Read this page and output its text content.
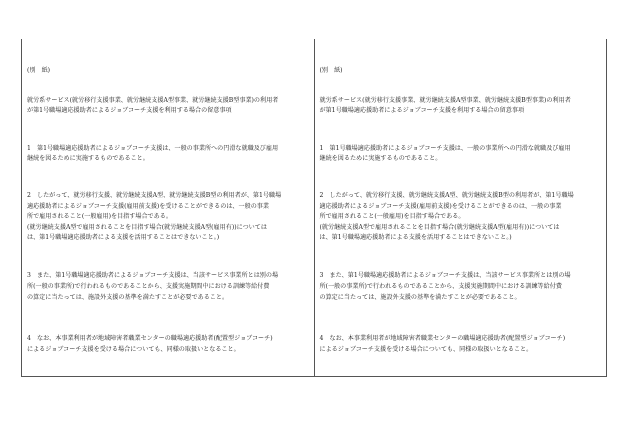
(別　紙)
就労系サービス(就労移行支援事業、就労継続支援A型事業、就労継続支援B型事業)の利用者
が第1号職場適応援助者によるジョブコーチ支援を利用する場合の留意事項
1　第1号職場適応援助者によるジョブコーチ支援は、一般の事業所への円滑な就職及び雇用
継続を図るために実施するものであること。
2　したがって、就労移行支援、就労継続支援A型、就労継続支援B型の利用者が、第1号職場
適応援助者によるジョブコーチ支援(雇用前支援)を受けることができるのは、一般の事業
所で雇用されること(一般雇用)を目指す場合である。
(就労継続支援A型で雇用されることを目指す場合(就労継続支援A型(雇用有))については
は、第1号職場適応援助者による支援を活用することはできないこと。)
3　また、第1号職場適応援助者によるジョブコーチ支援は、当該サービス事業所とは別の場
所(一般の事業所)で行われるものであることから、支援実施期間中における訓練等給付費
の算定に当たっては、施設外支援の基準を満たすことが必要であること。
4　なお、本事業利用者が地域障害者職業センターの職場適応援助者(配置型ジョブコーチ)
によるジョブコーチ支援を受ける場合についても、同様の取扱いとなること。
(別　紙)
就労系サービス(就労移行支援事業、就労継続支援A型事業、就労継続支援B型事業)の利用者
が第1号職場適応援助者によるジョブコーチ支援を利用する場合の留意事項
1　第1号職場適応援助者によるジョブコーチ支援は、一般の事業所への円滑な就職及び雇用
継続を図るために実施するものであること。
2　したがって、就労移行支援、就労継続支援A型、就労継続支援B型の利用者が、第1号職場
適応援助者によるジョブコーチ支援(雇用前支援)を受けることができるのは、一般の事業
所で雇用されること(一般雇用)を目指す場合である。
(就労継続支援A型で雇用されることを目指す場合(就労継続支援A型(雇用有))については
は、第1号職場適応援助者による支援を活用することはできないこと。)
3　また、第1号職場適応援助者によるジョブコーチ支援は、当該サービス事業所とは別の場
所(一般の事業所)で行われるものであることから、支援実施期間中における訓練等給付費
の算定に当たっては、施設外支援の基準を満たすことが必要であること。
4　なお、本事業利用者が地域障害者職業センターの職場適応援助者(配置型ジョブコーチ)
によるジョブコーチ支援を受ける場合についても、同様の取扱いとなること。
